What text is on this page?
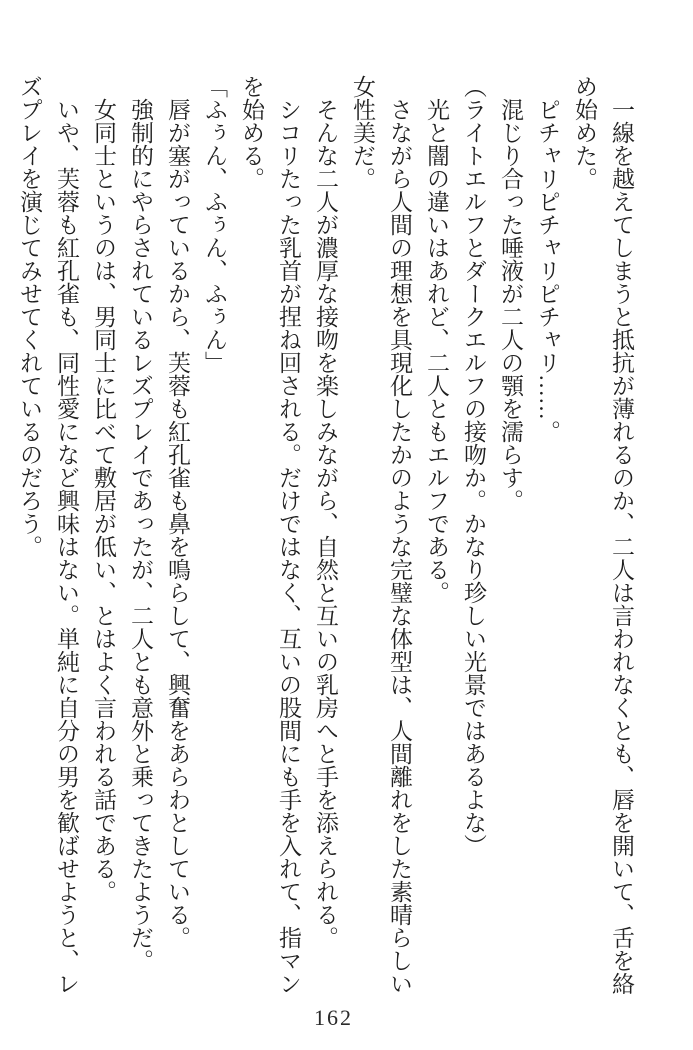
　一線を越えてしまうと抵抗が薄れるのか、二人は言われなくとも、唇を開いて、舌を絡
め始めた。
　ピチャリピチャリピチャリ……。
　混じり合った唾液が二人の顎を濡らす。
（ライトエルフとダークエルフの接吻か。かなり珍しい光景ではあるよな）
　光と闇の違いはあれど、二人ともエルフである。
　さながら人間の理想を具現化したかのような完璧な体型は、人間離れをした素晴らしい
女性美だ。
　そんな二人が濃厚な接吻を楽しみながら、自然と互いの乳房へと手を添えられる。
　シコリたった乳首が捏ね回される。だけではなく、互いの股間にも手を入れて、指マン
を始める。
「ふぅん、ふぅん、ふぅん」
　唇が塞がっているから、芙蓉も紅孔雀も鼻を鳴らして、興奮をあらわとしている。
　強制的にやらされているレズプレイであったが、二人とも意外と乗ってきたようだ。
　女同士というのは、男同士に比べて敷居が低い、とはよく言われる話である。
　いや、芙蓉も紅孔雀も、同性愛になど興味はない。単純に自分の男を歓ばせようと、レ
ズプレイを演じてみせてくれているのだろう。
162
